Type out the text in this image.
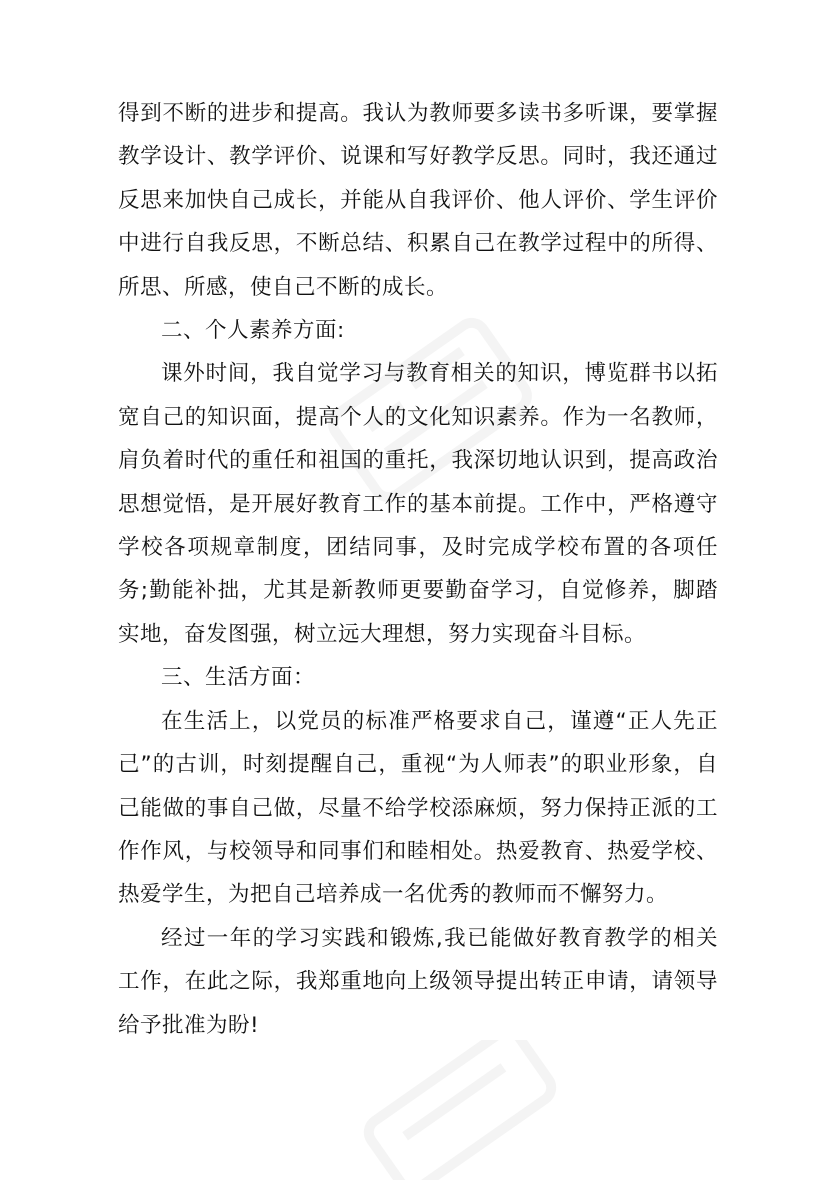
得到不断的进步和提高。我认为教师要多读书多听课，要掌握教学设计、教学评价、说课和写好教学反思。同时，我还通过反思来加快自己成长，并能从自我评价、他人评价、学生评价中进行自我反思，不断总结、积累自己在教学过程中的所得、所思、所感，使自己不断的成长。

二、个人素养方面:

课外时间，我自觉学习与教育相关的知识，博览群书以拓宽自己的知识面，提高个人的文化知识素养。作为一名教师，肩负着时代的重任和祖国的重托，我深切地认识到，提高政治思想觉悟，是开展好教育工作的基本前提。工作中，严格遵守学校各项规章制度，团结同事，及时完成学校布置的各项任务;勤能补拙，尤其是新教师更要勤奋学习，自觉修养，脚踏实地，奋发图强，树立远大理想，努力实现奋斗目标。

三、生活方面：

在生活上，以党员的标准严格要求自己，谨遵“正人先正己”的古训，时刻提醒自己，重视“为人师表”的职业形象，自己能做的事自己做，尽量不给学校添麻烦，努力保持正派的工作作风，与校领导和同事们和睦相处。热爱教育、热爱学校、热爱学生，为把自己培养成一名优秀的教师而不懈努力。

经过一年的学习实践和锻炼,我已能做好教育教学的相关工作，在此之际，我郑重地向上级领导提出转正申请，请领导给予批准为盼!
